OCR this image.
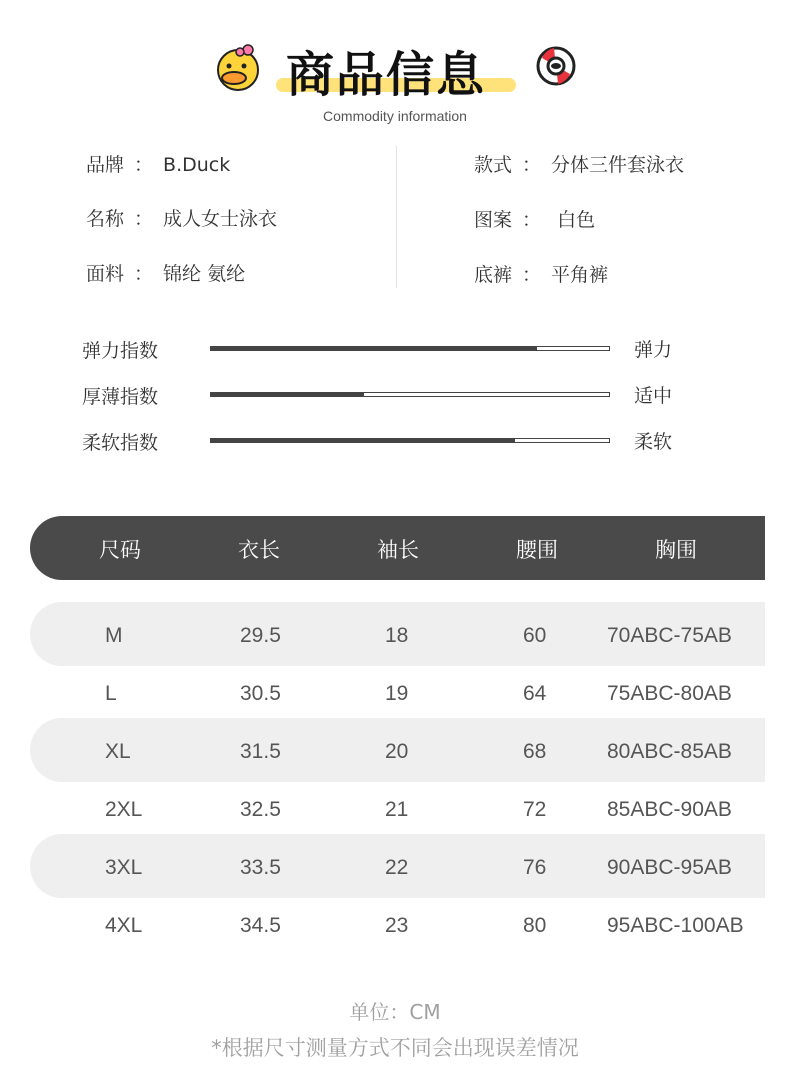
商品信息
Commodity information
品牌 ： B.Duck
名称 ： 成人女士泳衣
面料 ： 锦纶 氨纶
款式 ： 分体三件套泳衣
图案 ： 白色
底裤 ： 平角裤
弹力指数	弹力
厚薄指数	适中
柔软指数	柔软
尺码	衣长	袖长	腰围	胸围
M	29.5	18	60	70ABC-75AB
L	30.5	19	64	75ABC-80AB
XL	31.5	20	68	80ABC-85AB
2XL	32.5	21	72	85ABC-90AB
3XL	33.5	22	76	90ABC-95AB
4XL	34.5	23	80	95ABC-100AB
单位：CM
*根据尺寸测量方式不同会出现误差情况
